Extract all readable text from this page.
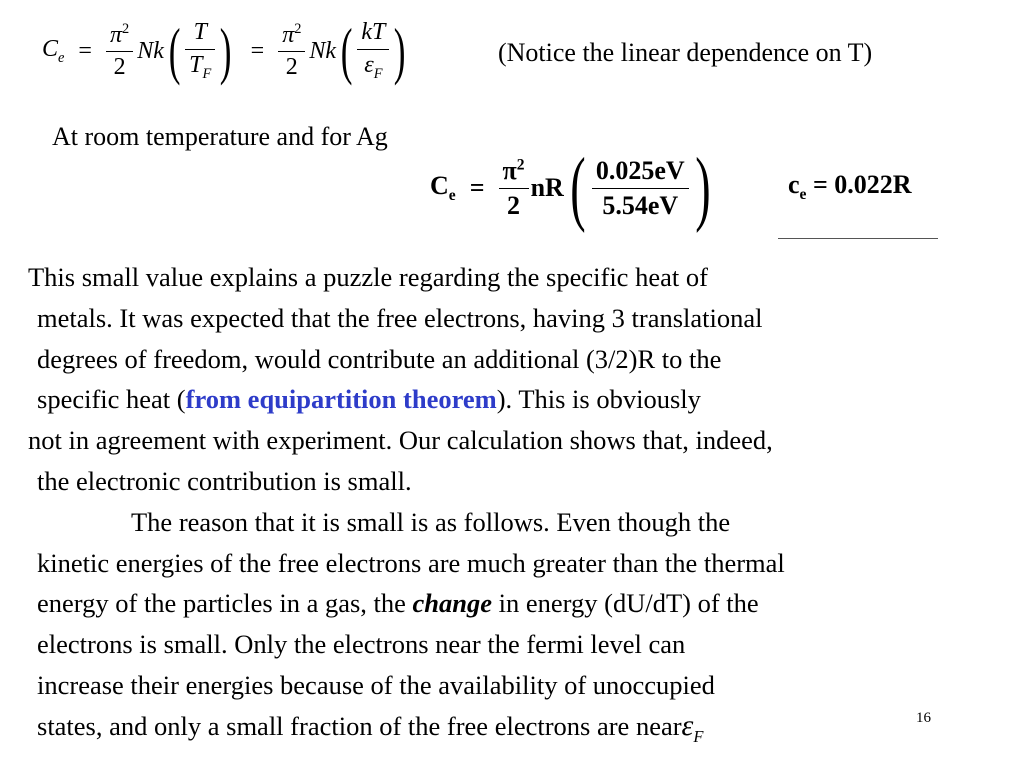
$C_e = \frac{\pi^2}{2}$ Nk ( $\frac{T}{T_F}$ ) = $\frac{\pi^2}{2}$ Nk ( $\frac{kT}{\varepsilon_F}$ )	(Notice the linear dependence on T)
At room temperature and for Ag
$C_e = \frac{\pi^2}{2}$ nR ( $\frac{0.025eV}{5.54eV}$ )	$c_e = 0.022R$

This small value explains a puzzle regarding the specific heat of

metals. It was expected that the free electrons, having 3 translational

degrees of freedom, would contribute an additional (3/2)R to the

specific heat (from equipartition theorem). This is obviously

not in agreement with experiment. Our calculation shows that, indeed,

the electronic contribution is small.

The reason that it is small is as follows. Even though the

kinetic energies of the free electrons are much greater than the thermal

energy of the particles in a gas, the change in energy (dU/dT) of the

electrons is small. Only the electrons near the fermi level can

increase their energies because of the availability of unoccupied

states, and only a small fraction of the free electrons are nearε$_F$

16
